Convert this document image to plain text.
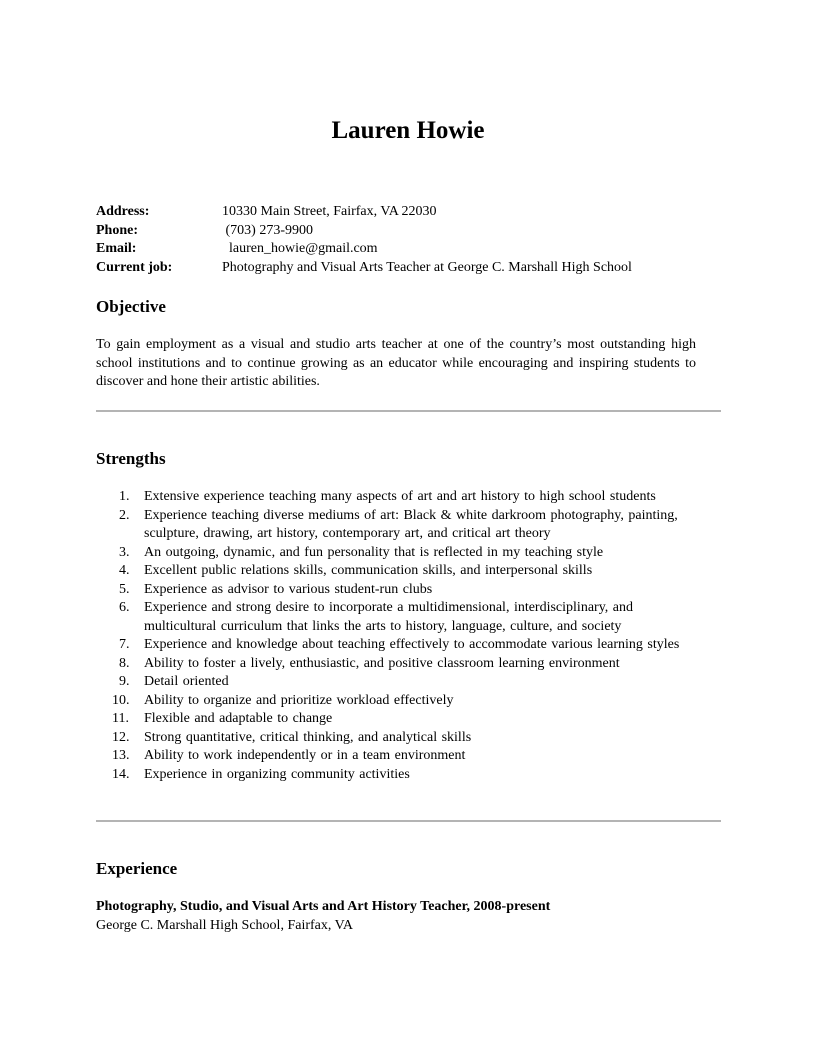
Lauren Howie
Address:	10330 Main Street, Fairfax, VA 22030
Phone:	(703) 273-9900
Email:	lauren_howie@gmail.com
Current job:	Photography and Visual Arts Teacher at George C. Marshall High School
Objective
To gain employment as a visual and studio arts teacher at one of the country’s most outstanding high school institutions and to continue growing as an educator while encouraging and inspiring students to discover and hone their artistic abilities.
Strengths
1.	Extensive experience teaching many aspects of art and art history to high school students
2.	Experience teaching diverse mediums of art: Black & white darkroom photography, painting, sculpture, drawing, art history, contemporary art, and critical art theory
3.	An outgoing, dynamic, and fun personality that is reflected in my teaching style
4.	Excellent public relations skills, communication skills, and interpersonal skills
5.	Experience as advisor to various student-run clubs
6.	Experience and strong desire to incorporate a multidimensional, interdisciplinary, and multicultural curriculum that links the arts to history, language, culture, and society
7.	Experience and knowledge about teaching effectively to accommodate various learning styles
8.	Ability to foster a lively, enthusiastic, and positive classroom learning environment
9.	Detail oriented
10.	Ability to organize and prioritize workload effectively
11.	Flexible and adaptable to change
12.	Strong quantitative, critical thinking, and analytical skills
13.	Ability to work independently or in a team environment
14.	Experience in organizing community activities
Experience
Photography, Studio, and Visual Arts and Art History Teacher, 2008-present
George C. Marshall High School, Fairfax, VA
